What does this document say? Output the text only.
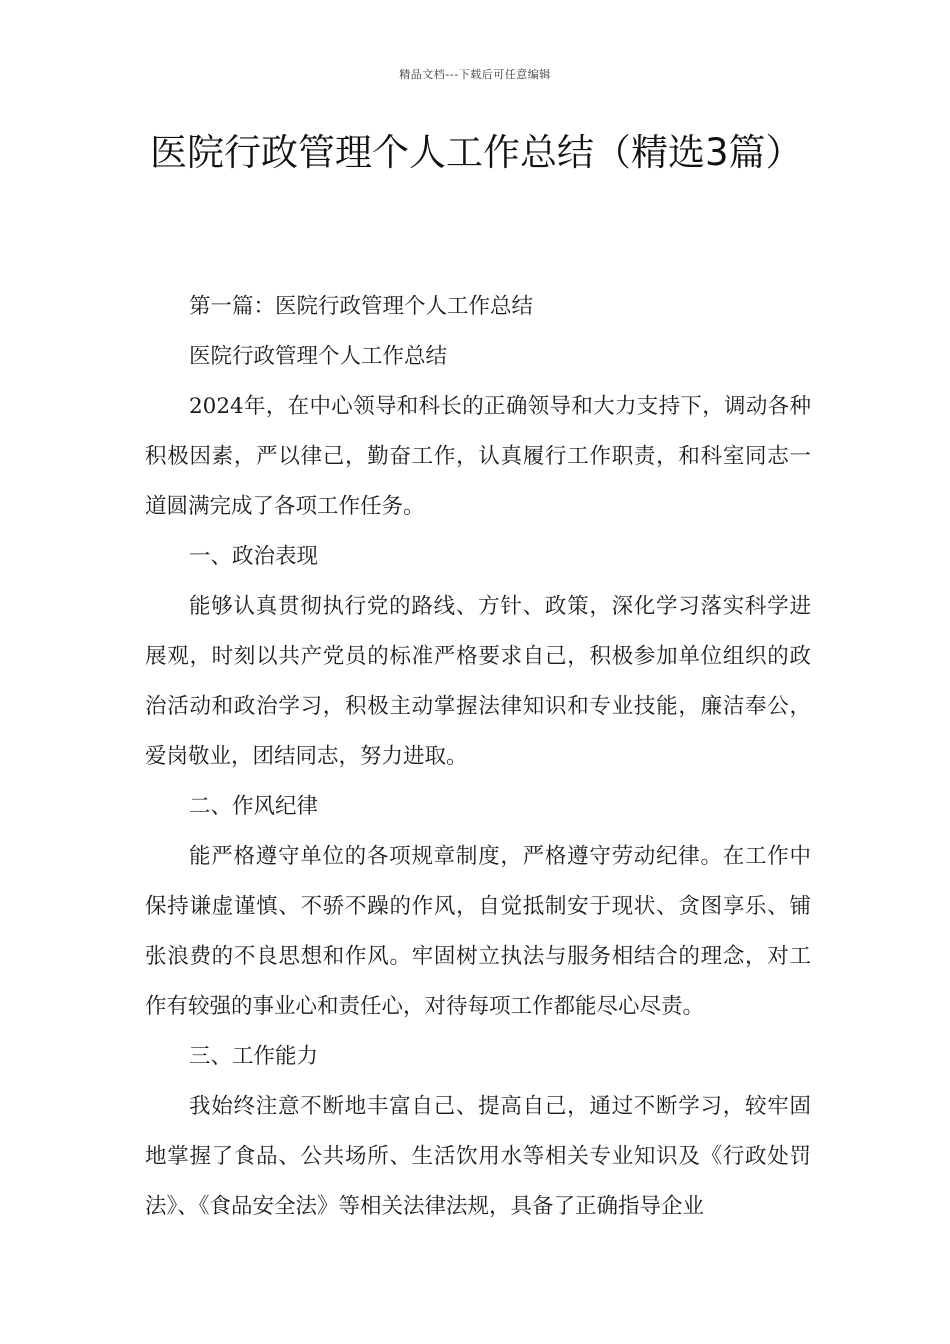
精品文档---下载后可任意编辑
医院行政管理个人工作总结（精选3篇）

第一篇：医院行政管理个人工作总结

医院行政管理个人工作总结

2024年，在中心领导和科长的正确领导和大力支持下，调动各种积极因素，严以律己，勤奋工作，认真履行工作职责，和科室同志一道圆满完成了各项工作任务。

一、政治表现

能够认真贯彻执行党的路线、方针、政策，深化学习落实科学进展观，时刻以共产党员的标准严格要求自己，积极参加单位组织的政治活动和政治学习，积极主动掌握法律知识和专业技能，廉洁奉公，爱岗敬业，团结同志，努力进取。

二、作风纪律

能严格遵守单位的各项规章制度，严格遵守劳动纪律。在工作中保持谦虚谨慎、不骄不躁的作风，自觉抵制安于现状、贪图享乐、铺张浪费的不良思想和作风。牢固树立执法与服务相结合的理念，对工作有较强的事业心和责任心，对待每项工作都能尽心尽责。

三、工作能力

我始终注意不断地丰富自己、提高自己，通过不断学习，较牢固地掌握了食品、公共场所、生活饮用水等相关专业知识及《行政处罚法》、《食品安全法》等相关法律法规，具备了正确指导企业
